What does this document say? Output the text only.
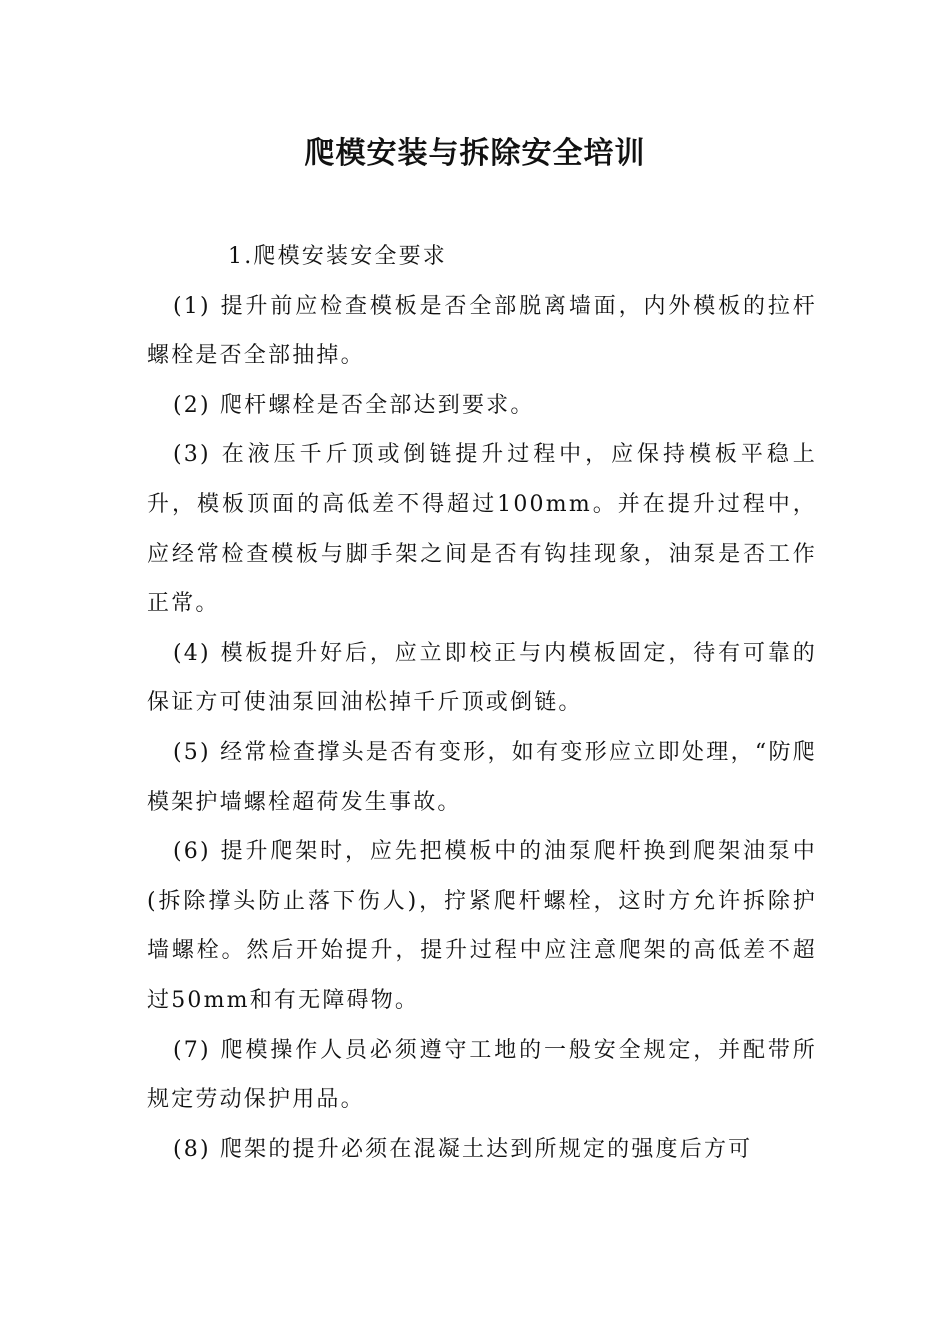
爬模安装与拆除安全培训

1.爬模安装安全要求

(1) 提升前应检查模板是否全部脱离墙面，内外模板的拉杆螺栓是否全部抽掉。

(2) 爬杆螺栓是否全部达到要求。

(3) 在液压千斤顶或倒链提升过程中，应保持模板平稳上升，模板顶面的高低差不得超过100mm。并在提升过程中，应经常检查模板与脚手架之间是否有钩挂现象，油泵是否工作正常。

(4) 模板提升好后，应立即校正与内模板固定，待有可靠的保证方可使油泵回油松掉千斤顶或倒链。

(5) 经常检查撑头是否有变形，如有变形应立即处理，“防爬模架护墙螺栓超荷发生事故。

(6) 提升爬架时，应先把模板中的油泵爬杆换到爬架油泵中(拆除撑头防止落下伤人)，拧紧爬杆螺栓，这时方允许拆除护墙螺栓。然后开始提升，提升过程中应注意爬架的高低差不超过50mm和有无障碍物。

(7) 爬模操作人员必须遵守工地的一般安全规定，并配带所规定劳动保护用品。

(8) 爬架的提升必须在混凝土达到所规定的强度后方可
